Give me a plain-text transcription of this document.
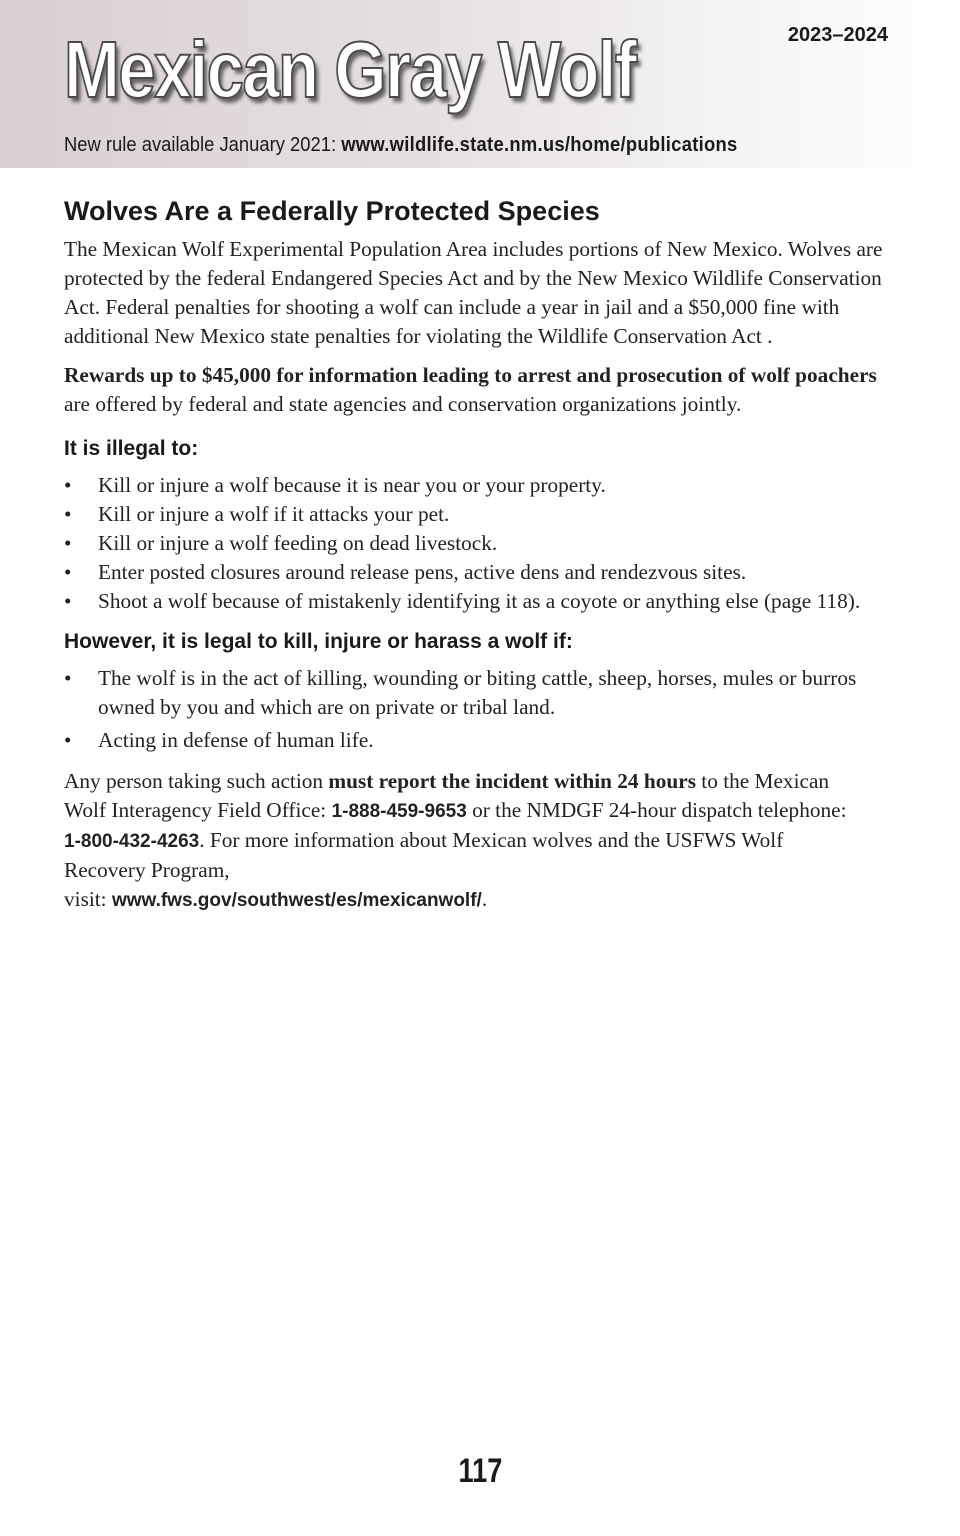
2023–2024
Mexican Gray Wolf
New rule available January 2021: www.wildlife.state.nm.us/home/publications
Wolves Are a Federally Protected Species

The Mexican Wolf Experimental Population Area includes portions of New Mexico. Wolves are protected by the federal Endangered Species Act and by the New Mexico Wildlife Conservation Act. Federal penalties for shooting a wolf can include a year in jail and a $50,000 fine with additional New Mexico state penalties for violating the Wildlife Conservation Act .

Rewards up to $45,000 for information leading to arrest and prosecution of wolf poachers are offered by federal and state agencies and conservation organizations jointly.

It is illegal to:
• Kill or injure a wolf because it is near you or your property.
• Kill or injure a wolf if it attacks your pet.
• Kill or injure a wolf feeding on dead livestock.
• Enter posted closures around release pens, active dens and rendezvous sites.
• Shoot a wolf because of mistakenly identifying it as a coyote or anything else (page 118).
However, it is legal to kill, injure or harass a wolf if:
• The wolf is in the act of killing, wounding or biting cattle, sheep, horses, mules or burros owned by you and which are on private or tribal land.
• Acting in defense of human life.

Any person taking such action must report the incident within 24 hours to the Mexican Wolf Interagency Field Office: 1-888-459-9653 or the NMDGF 24-hour dispatch telephone: 1-800-432-4263. For more information about Mexican wolves and the USFWS Wolf Recovery Program,
visit: www.fws.gov/southwest/es/mexicanwolf/.

117
